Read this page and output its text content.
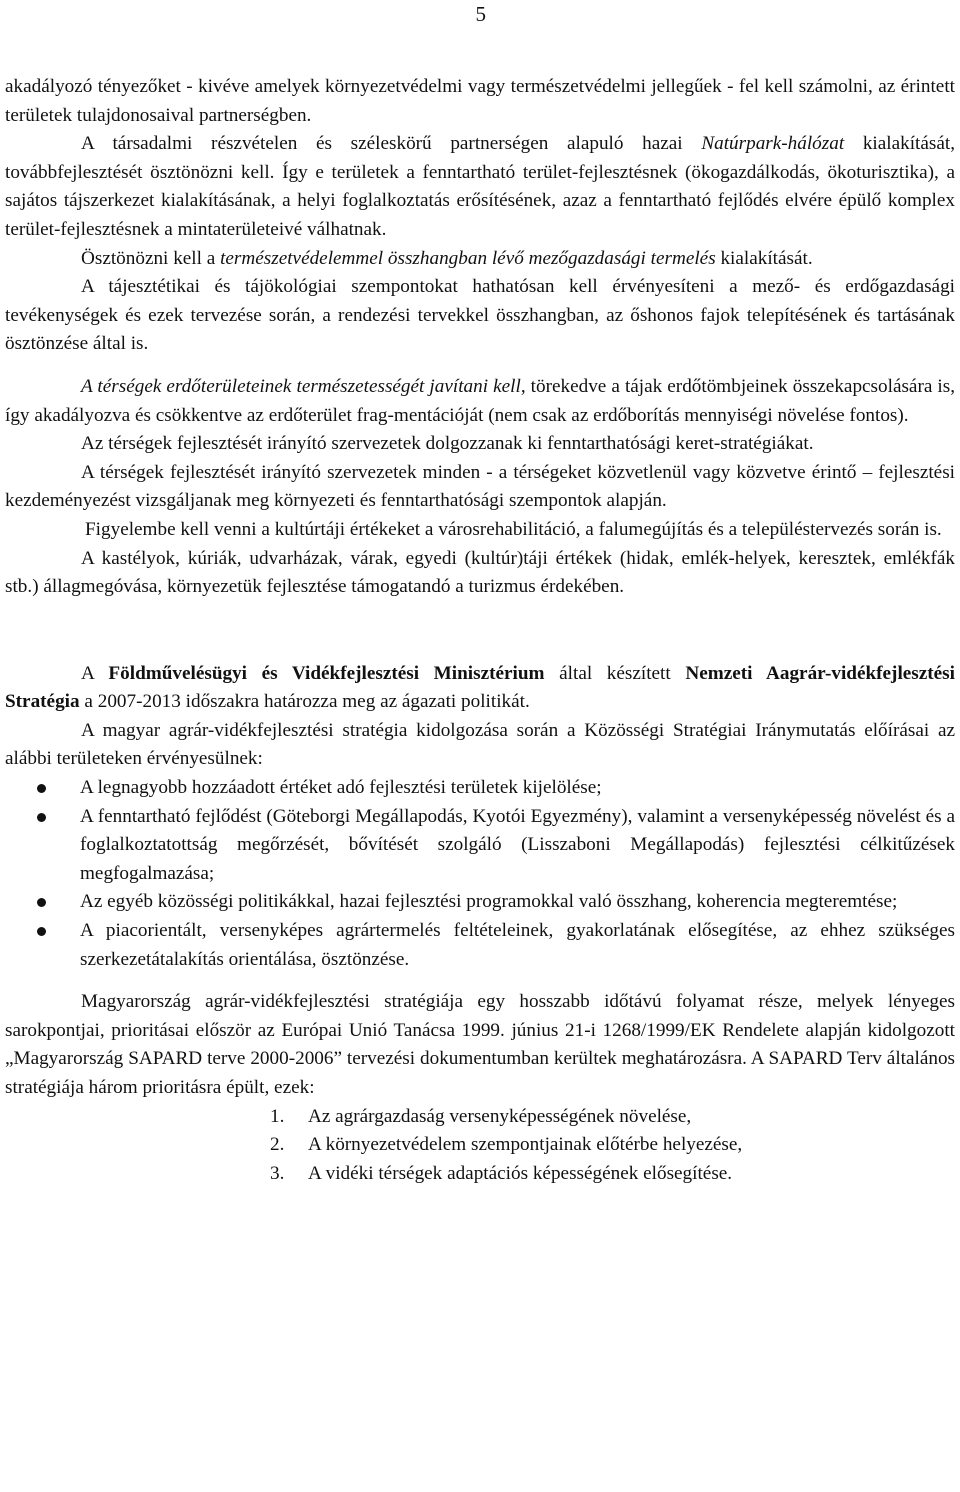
5

akadályozó tényezőket - kivéve amelyek környezetvédelmi vagy természetvédelmi jellegűek - fel kell számolni, az érintett területek tulajdonosaival partnerségben.

A társadalmi részvételen és széleskörű partnerségen alapuló hazai Natúrpark-hálózat kialakítását, továbbfejlesztését ösztönözni kell. Így e területek a fenntartható terület-fejlesztésnek (ökogazdálkodás, ökoturisztika), a sajátos tájszerkezet kialakításának, a helyi foglalkoztatás erősítésének, azaz a fenntartható fejlődés elvére épülő komplex terület-fejlesztésnek a mintaterületeivé válhatnak.

Ösztönözni kell a természetvédelemmel összhangban lévő mezőgazdasági termelés kialakítását.

A tájesztétikai és tájökológiai szempontokat hathatósan kell érvényesíteni a mező- és erdőgazdasági tevékenységek és ezek tervezése során, a rendezési tervekkel összhangban, az őshonos fajok telepítésének és tartásának ösztönzése által is.

A térségek erdőterületeinek természetességét javítani kell, törekedve a tájak erdőtömbjeinek összekapcsolására is, így akadályozva és csökkentve az erdőterület frag-mentációját (nem csak az erdőborítás mennyiségi növelése fontos).

Az térségek fejlesztését irányító szervezetek dolgozzanak ki fenntarthatósági keret-stratégiákat.

A térségek fejlesztését irányító szervezetek minden - a térségeket közvetlenül vagy közvetve érintő – fejlesztési kezdeményezést vizsgáljanak meg környezeti és fenntarthatósági szempontok alapján.

Figyelembe kell venni a kultúrtáji értékeket a városrehabilitáció, a falumegújítás és a településtervezés során is.

A kastélyok, kúriák, udvarházak, várak, egyedi (kultúr)táji értékek (hidak, emlék-helyek, keresztek, emlékfák stb.) állagmegóvása, környezetük fejlesztése támogatandó a turizmus érdekében.

A Földművelésügyi és Vidékfejlesztési Minisztérium által készített Nemzeti Aagrár-vidékfejlesztési Stratégia a 2007-2013 időszakra határozza meg az ágazati politikát.

A magyar agrár-vidékfejlesztési stratégia kidolgozása során a Közösségi Stratégiai Iránymutatás előírásai az alábbi területeken érvényesülnek:

A legnagyobb hozzáadott értéket adó fejlesztési területek kijelölése;
A fenntartható fejlődést (Göteborgi Megállapodás, Kyotói Egyezmény), valamint a versenyképesség növelést és a foglalkoztatottság megőrzését, bővítését szolgáló (Lisszaboni Megállapodás) fejlesztési célkitűzések megfogalmazása;
Az egyéb közösségi politikákkal, hazai fejlesztési programokkal való összhang, koherencia megteremtése;
A piacorientált, versenyképes agrártermelés feltételeinek, gyakorlatának elősegítése, az ehhez szükséges szerkezetátalakítás orientálása, ösztönzése.

Magyarország agrár-vidékfejlesztési stratégiája egy hosszabb időtávú folyamat része, melyek lényeges sarokpontjai, prioritásai először az Európai Unió Tanácsa 1999. június 21-i 1268/1999/EK Rendelete alapján kidolgozott „Magyarország SAPARD terve 2000-2006” tervezési dokumentumban kerültek meghatározásra. A SAPARD Terv általános stratégiája három prioritásra épült, ezek:

1. Az agrárgazdaság versenyképességének növelése,
2. A környezetvédelem szempontjainak előtérbe helyezése,
3. A vidéki térségek adaptációs képességének elősegítése.
